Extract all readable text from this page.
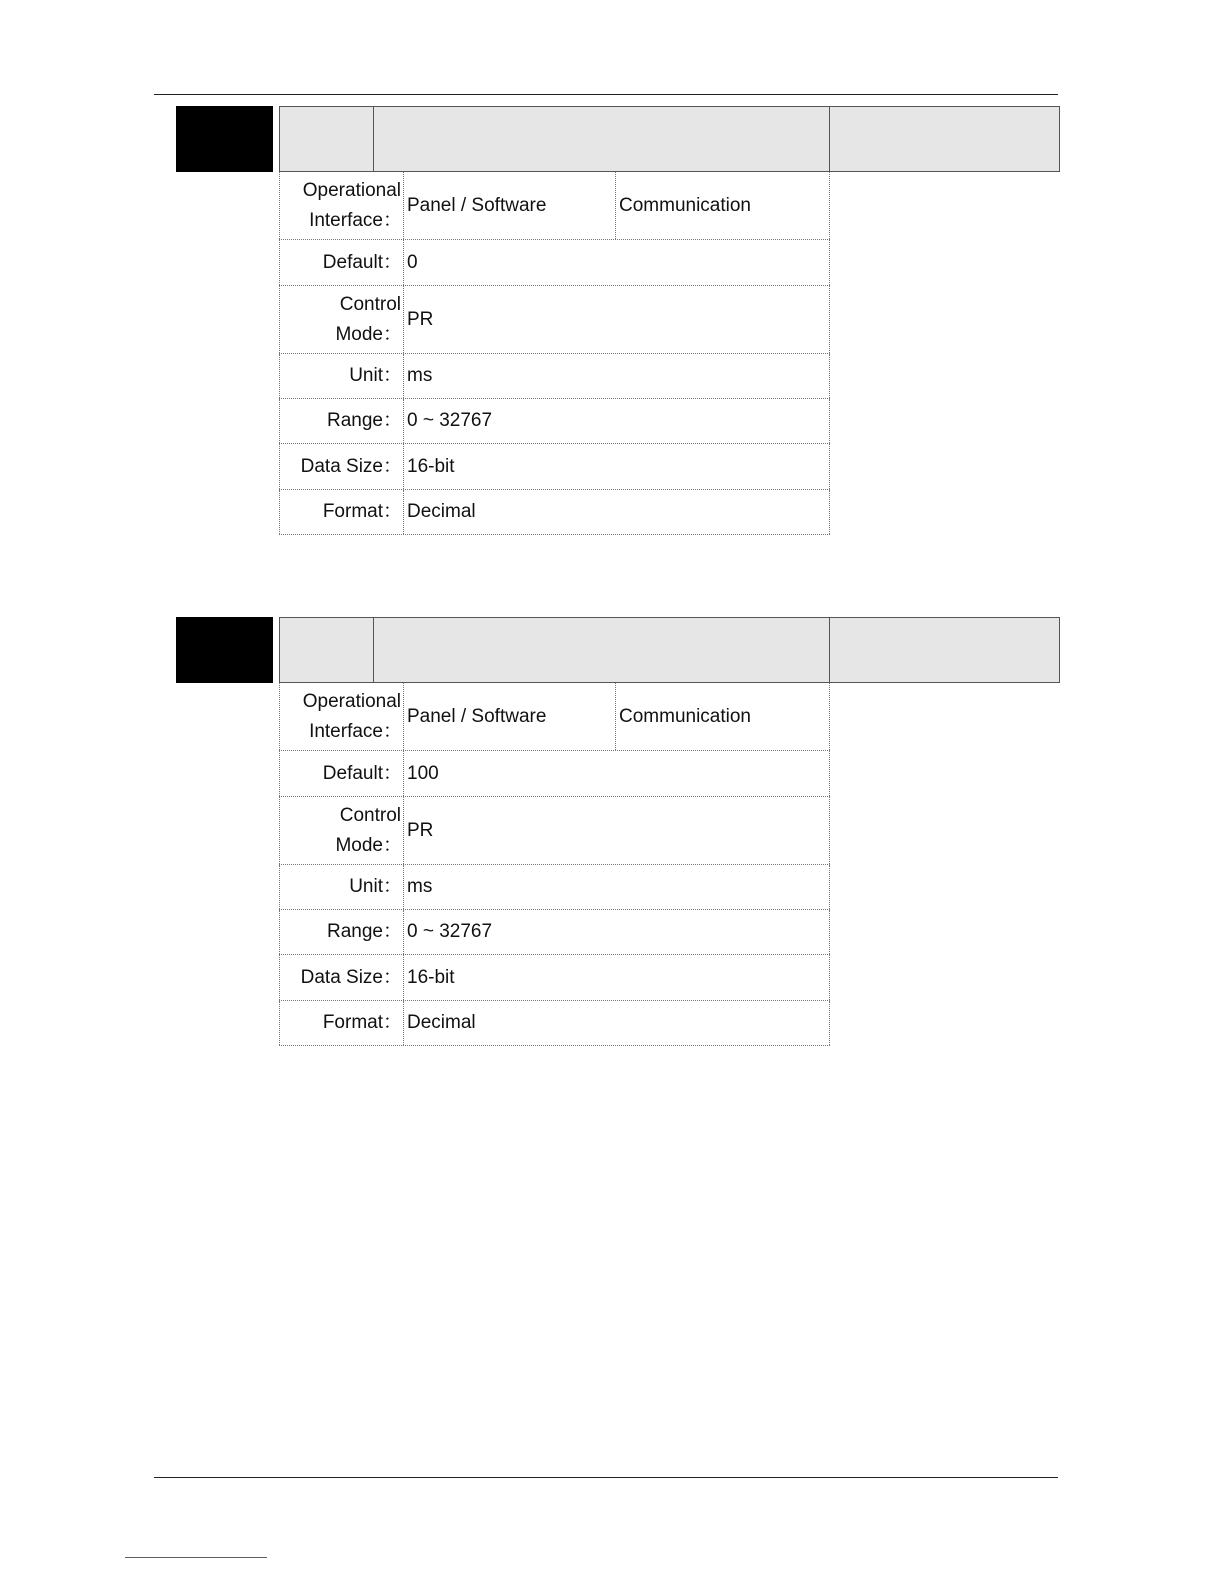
Operational
Interface：
Panel / Software	Communication
Default： 0
Control
Mode：
PR
Unit： ms
Range： 0 ~ 32767
Data Size： 16-bit
Format： Decimal
Operational
Interface：
Panel / Software	Communication
Default： 100
Control
Mode：
PR
Unit： ms
Range： 0 ~ 32767
Data Size： 16-bit
Format： Decimal
